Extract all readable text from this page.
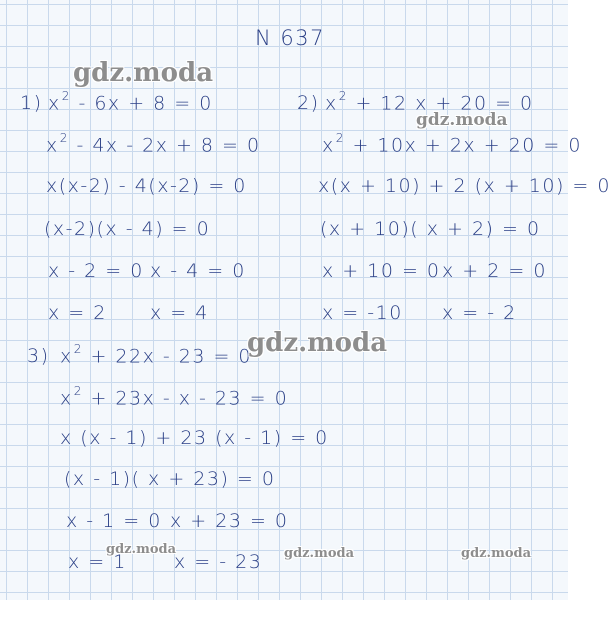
N 637
1) $x^2 - 6x + 8 = 0$
$x^2 - 4x - 2x + 8 = 0$
x(x-2) - 4(x-2) = 0
(x-2)(x - 4) = 0
x - 2 = 0 x - 4 = 0
x = 2 x = 4
2) $x^2 + 12$ x + 20 = 0
$x^2 + 10x + 2x + 20 = 0$
x(x + 10) + 2 (x + 10) = 0
(x + 10)( x + 2) = 0
x + 10 = 0 x + 2 = 0
x = -10 x = - 2
3) $x^2 + 22x - 23 = 0$
$x^2 + 23x - x - 23 = 0$
x (x - 1) + 23 (x - 1) = 0
(x - 1)( x + 23) = 0
x - 1 = 0 x + 23 = 0
x = 1 x = - 23
gdz.moda
gdz.moda
gdz.moda
gdz.moda	gdz.moda	gdz.moda
